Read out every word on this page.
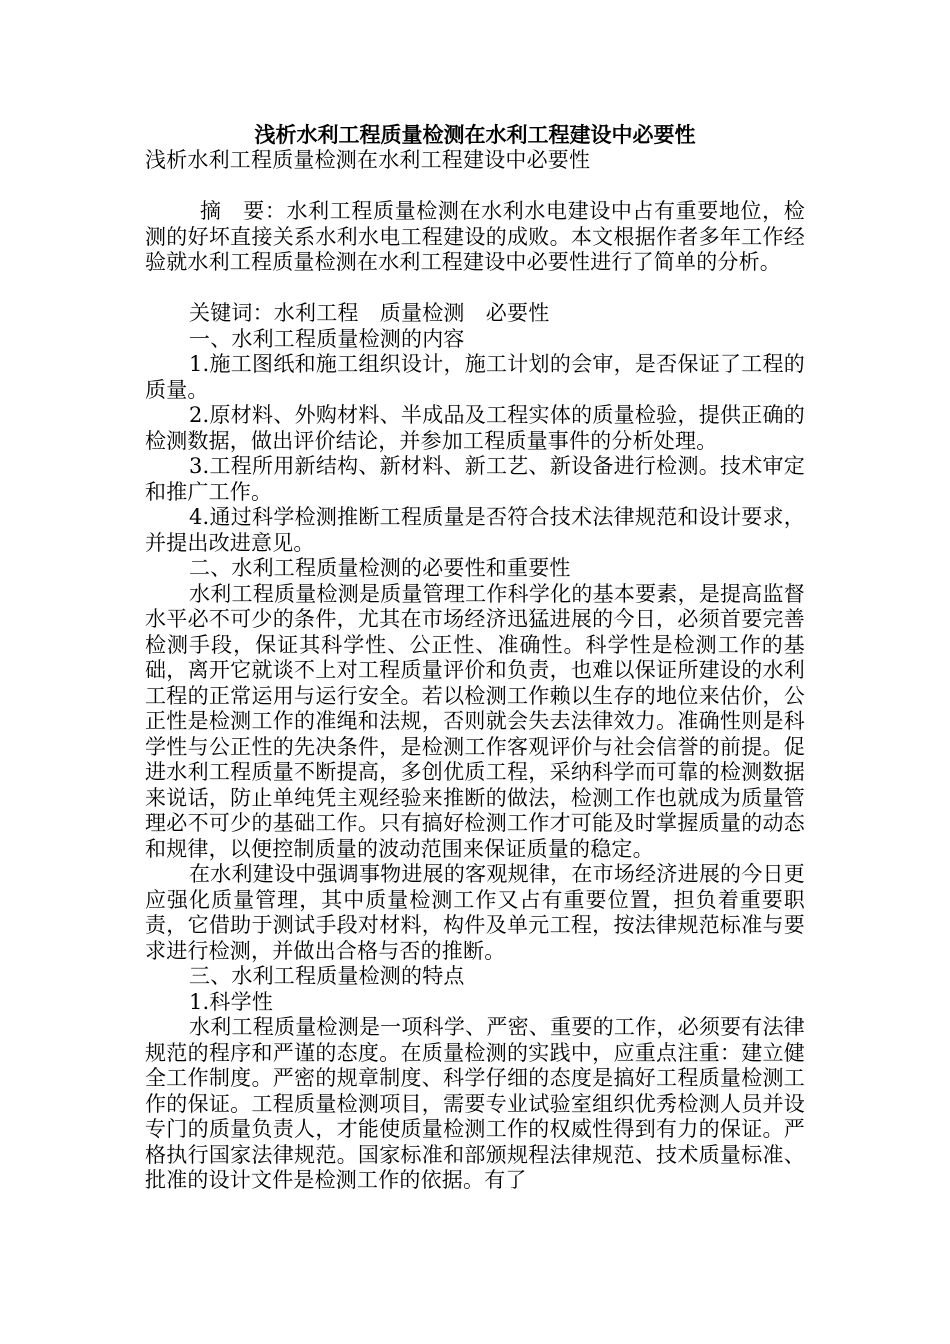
浅析水利工程质量检测在水利工程建设中必要性

浅析水利工程质量检测在水利工程建设中必要性

摘　要：水利工程质量检测在水利水电建设中占有重要地位，检测的好坏直接关系水利水电工程建设的成败。本文根据作者多年工作经验就水利工程质量检测在水利工程建设中必要性进行了简单的分析。

关键词：水利工程　质量检测　必要性

一、水利工程质量检测的内容

1.施工图纸和施工组织设计，施工计划的会审，是否保证了工程的质量。

2.原材料、外购材料、半成品及工程实体的质量检验，提供正确的检测数据，做出评价结论，并参加工程质量事件的分析处理。

3.工程所用新结构、新材料、新工艺、新设备进行检测。技术审定和推广工作。

4.通过科学检测推断工程质量是否符合技术法律规范和设计要求，并提出改进意见。

二、水利工程质量检测的必要性和重要性

水利工程质量检测是质量管理工作科学化的基本要素，是提高监督水平必不可少的条件，尤其在市场经济迅猛进展的今日，必须首要完善检测手段，保证其科学性、公正性、准确性。科学性是检测工作的基础，离开它就谈不上对工程质量评价和负责，也难以保证所建设的水利工程的正常运用与运行安全。若以检测工作赖以生存的地位来估价，公正性是检测工作的准绳和法规，否则就会失去法律效力。准确性则是科学性与公正性的先决条件，是检测工作客观评价与社会信誉的前提。促进水利工程质量不断提高，多创优质工程，采纳科学而可靠的检测数据来说话，防止单纯凭主观经验来推断的做法，检测工作也就成为质量管理必不可少的基础工作。只有搞好检测工作才可能及时掌握质量的动态和规律，以便控制质量的波动范围来保证质量的稳定。

在水利建设中强调事物进展的客观规律，在市场经济进展的今日更应强化质量管理，其中质量检测工作又占有重要位置，担负着重要职责，它借助于测试手段对材料，构件及单元工程，按法律规范标准与要求进行检测，并做出合格与否的推断。

三、水利工程质量检测的特点

1.科学性

水利工程质量检测是一项科学、严密、重要的工作，必须要有法律规范的程序和严谨的态度。在质量检测的实践中，应重点注重：建立健全工作制度。严密的规章制度、科学仔细的态度是搞好工程质量检测工作的保证。工程质量检测项目，需要专业试验室组织优秀检测人员并设专门的质量负责人，才能使质量检测工作的权威性得到有力的保证。严格执行国家法律规范。国家标准和部颁规程法律规范、技术质量标准、批准的设计文件是检测工作的依据。有了
